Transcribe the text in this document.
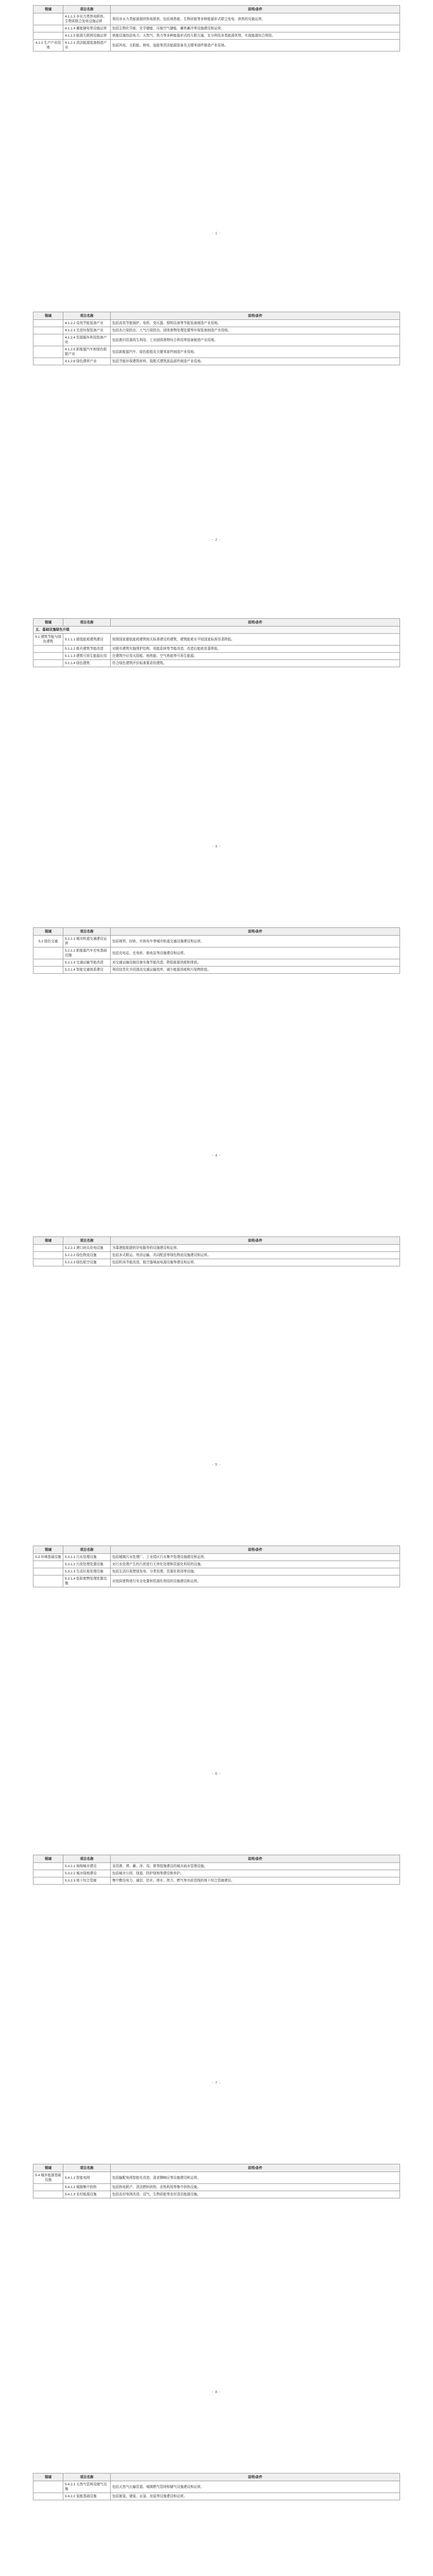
领域	项目名称	说明/条件
	4.1.1.3 非水力类热电联供、生物质联合发电设施运营	利用非水力类能源提供热电联供，包括地热能、生物质能等多种能源形式联合发电、供热的设施运营。
	4.1.1.4 蓄能储电等设施运营	包括生物化学能、化学储能、压缩空气储能、蓄热蓄冷等设施建设和运营。
	4.1.1.5 能源互联网设施运营	供能设施包括电力、天然气、热力等多种能源形式的互联互通，充分利用各类能源优势，实现能源综合利用。
4.1.2 生产产业用地	4.1.2.1 清洁能源装备制造产业	包括风电、太阳能、核电、氢能等清洁能源装备及关键零部件制造产业用地。
- 1 -
领域	项目名称	说明/条件
	4.1.2.2 高效节能装备产业	包括高效节能锅炉、电机、变压器、照明设备等节能装备制造产业用地。
	4.1.2.3 先进环保装备产业	包括水污染防治、大气污染防治、固体废物处理处置等环保装备制造产业用地。
	4.1.2.4 资源循环利用装备产业	包括废旧资源再生利用、工业固体废物综合利用等装备制造产业用地。
	4.1.2.5 新能源汽车和绿色船舶产业	包括新能源汽车、绿色船舶及关键零部件制造产业用地。
	4.1.2.6 绿色建材产业	包括节能环保建筑材料、装配式建筑部品部件制造产业用地。
- 2 -
领域	项目名称	说明/条件
五、基础设施绿色升级		
5.1 建筑节能与绿色建筑	5.1.1.1 超低能耗建筑建设	按照国家超低能耗建筑相关标准建设的建筑，建筑能耗水平较国家标准显著降低。
	5.1.1.2 既有建筑节能改造	对既有建筑实施围护结构、用能系统等节能改造，改造后能耗显著降低。
	5.1.1.3 建筑可再生能源应用	在建筑中应用太阳能、地热能、空气热能等可再生能源。
	5.1.1.4 绿色建筑	符合绿色建筑评价标准要求的建筑。
- 3 -
领域	项目名称	说明/条件
5.2 绿色交通	5.2.1.1 城市轨道交通建设运营	包括地铁、轻轨、有轨电车等城市轨道交通设施建设和运营。
	5.2.1.2 新能源汽车充电基础设施	包括充电站、充电桩、换电站等设施建设和运营。
	5.2.1.3 交通运输节能改造	对交通运输设施设备实施节能改造，降低能源消耗和排放。
	5.2.1.4 智能交通体系建设	利用信息化手段提高交通运输效率，减少能源消耗和污染物排放。
- 4 -
领域	项目名称	说明/条件
	5.2.2.1 港口码头岸电设施	为靠港船舶提供岸电服务的设施建设和运营。
	5.2.2.2 绿色物流设施	包括多式联运、甩挂运输、共同配送等绿色物流设施建设和运营。
	5.2.2.3 绿色航空设施	包括机场节能改造、航空器地面电源设施等建设和运营。
- 5 -
领域	项目名称	说明/条件
5.3 环境基础设施	5.3.1.1 污水处理设施	包括城镇污水处理厂、工业园区污水集中处理设施建设和运营。
	5.3.1.2 污泥处理处置设施	对污水处理产生的污泥进行无害化处理和资源化利用的设施。
	5.3.1.3 生活垃圾处理设施	包括生活垃圾焚烧发电、分类处理、资源化利用等设施。
	5.3.1.4 危险废物处理处置设施	对危险废物进行安全处置和资源化利用的设施建设和运营。
- 6 -
领域	项目名称	说明/条件
	5.3.2.1 海绵城市建设	采用渗、滞、蓄、净、用、排等措施建设的城市雨水管理设施。
	5.3.2.2 城市绿地建设	包括城市公园、绿道、防护绿地等建设和养护。
	5.3.2.3 地下综合管廊	集中敷设电力、通信、给水、排水、热力、燃气等市政管线的地下综合管廊建设。
- 7 -
领域	项目名称	说明/条件
5.4 城乡能源基础设施	5.4.1.1 智能电网	包括输配电网智能化改造、需求侧响应等设施建设和运营。
	5.4.1.2 城镇集中供热	包括热电联产、清洁燃料供热、余热利用等集中供热设施。
	5.4.1.3 农村能源设施	包括农村电网改造、沼气、生物质能等农村清洁能源设施。
- 8 -
领域	项目名称	说明/条件
	5.4.2.1 天然气管网及储气设施	包括天然气长输管道、城镇燃气管网和储气设施建设和运营。
	5.4.2.2 氢能基础设施	包括制氢、储氢、运氢、加氢等设施建设和运营。
